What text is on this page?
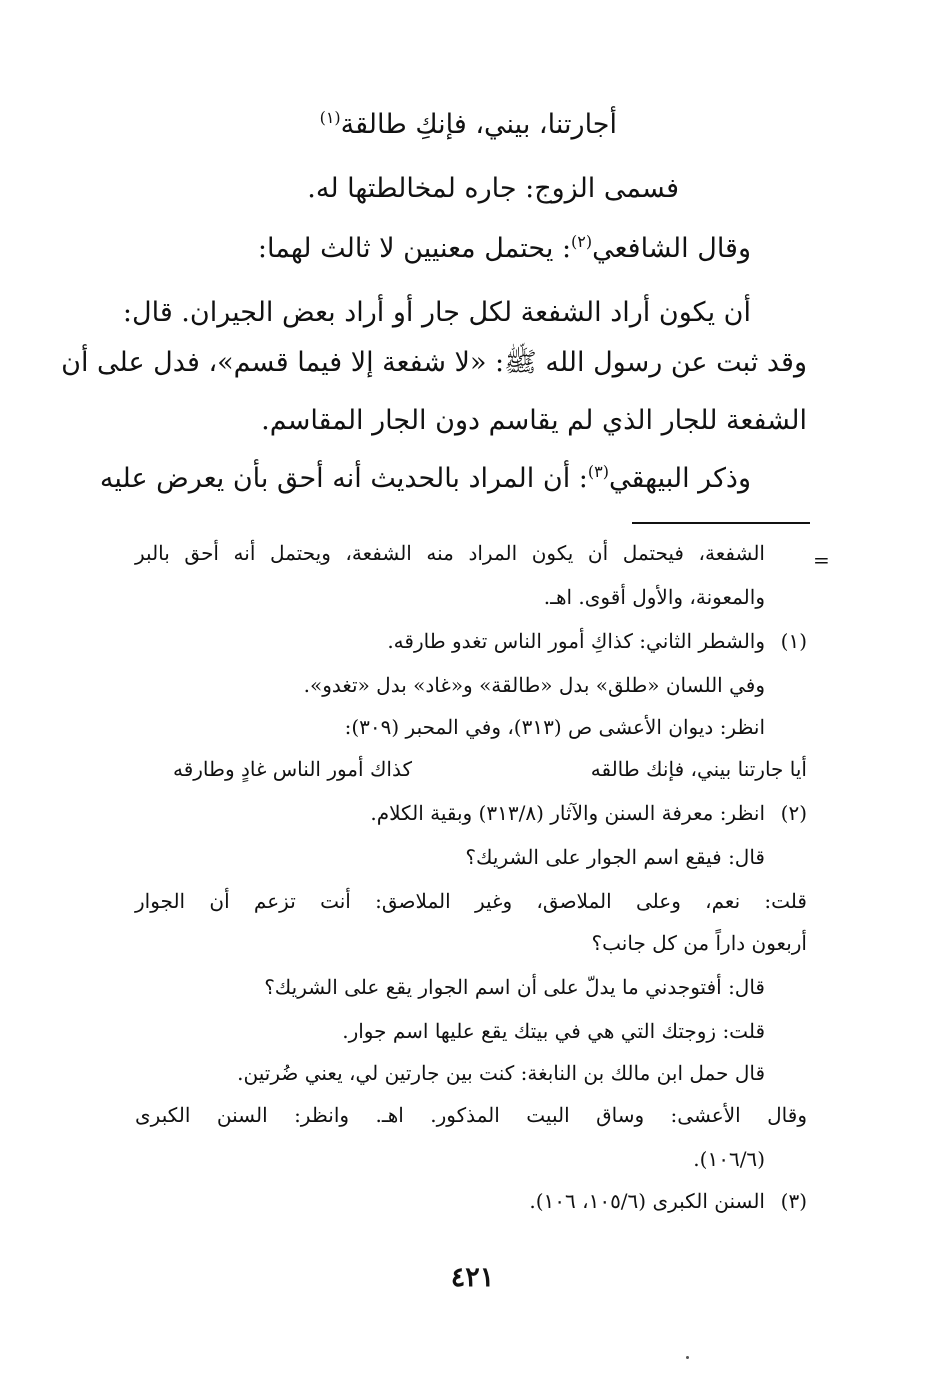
أجارتنا، بيني، فإنكِ طالقة$^{(١)}$
فسمى الزوج: جاره لمخالطتها له.
وقال الشافعي$^{(٢)}$: يحتمل معنيين لا ثالث لهما:
أن يكون أراد الشفعة لكل جار أو أراد بعض الجيران. قال:
وقد ثبت عن رسول الله ﷺ: «لا شفعة إلا فيما قسم»، فدل على أن
الشفعة للجار الذي لم يقاسم دون الجار المقاسم.
وذكر البيهقي$^{(٣)}$: أن المراد بالحديث أنه أحق بأن يعرض عليه
=
الشفعة، فيحتمل أن يكون المراد منه الشفعة، ويحتمل أنه أحق بالبر
والمعونة، والأول أقوى. اهـ.
(١)
والشطر الثاني: كذاكِ أمور الناس تغدو طارقه.
وفي اللسان «طلق» بدل «طالقة» و«غاد» بدل «تغدو».
انظر: ديوان الأعشى ص (٣١٣)، وفي المحبر (٣٠٩):
أيا جارتنا بيني، فإنك طالقه
كذاك أمور الناس غادٍ وطارقه
(٢)
انظر: معرفة السنن والآثار (٣١٣/٨) وبقية الكلام.
قال: فيقع اسم الجوار على الشريك؟
قلت: نعم، وعلى الملاصق، وغير الملاصق: أنت تزعم أن الجوار
أربعون داراً من كل جانب؟
قال: أفتوجدني ما يدلّ على أن اسم الجوار يقع على الشريك؟
قلت: زوجتك التي هي في بيتك يقع عليها اسم جوار.
قال حمل ابن مالك بن النابغة: كنت بين جارتين لي، يعني ضُرتين.
وقال الأعشى: وساق البيت المذكور. اهـ. وانظر: السنن الكبرى
(١٠٦/٦).
(٣)
السنن الكبرى (١٠٥/٦، ١٠٦).
٤٢١
